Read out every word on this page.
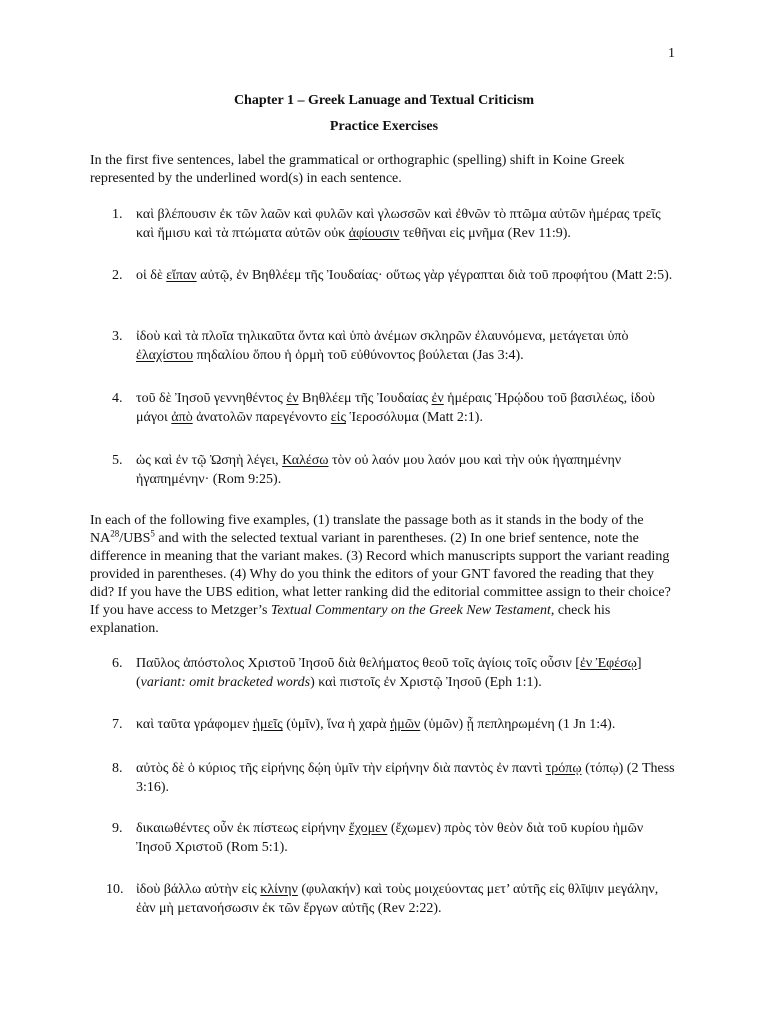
1
Chapter 1 – Greek Lanuage and Textual Criticism
Practice Exercises
In the first five sentences, label the grammatical or orthographic (spelling) shift in Koine Greek represented by the underlined word(s) in each sentence.
1. καὶ βλέπουσιν ἐκ τῶν λαῶν καὶ φυλῶν καὶ γλωσσῶν καὶ ἐθνῶν τὸ πτῶμα αὐτῶν ἡμέρας τρεῖς καὶ ἥμισυ καὶ τὰ πτώματα αὐτῶν οὐκ ἀφίουσιν τεθῆναι εἰς μνῆμα (Rev 11:9).
2. οἱ δὲ εἴπαν αὐτῷ, ἐν Βηθλέεμ τῆς Ἰουδαίας· οὕτως γὰρ γέγραπται διὰ τοῦ προφήτου (Matt 2:5).
3. ἰδοὺ καὶ τὰ πλοῖα τηλικαῦτα ὄντα καὶ ὑπὸ ἀνέμων σκληρῶν ἐλαυνόμενα, μετάγεται ὑπὸ ἐλαχίστου πηδαλίου ὅπου ἡ ὁρμὴ τοῦ εὐθύνοντος βούλεται (Jas 3:4).
4. τοῦ δὲ Ἰησοῦ γεννηθέντος ἐν Βηθλέεμ τῆς Ἰουδαίας ἐν ἡμέραις Ἡρῴδου τοῦ βασιλέως, ἰδοὺ μάγοι ἀπὸ ἀνατολῶν παρεγένοντο εἰς Ἱεροσόλυμα (Matt 2:1).
5. ὡς καὶ ἐν τῷ Ὠσηὴ λέγει, Καλέσω τὸν οὐ λαόν μου λαόν μου καὶ τὴν οὐκ ἠγαπημένην ἠγαπημένην· (Rom 9:25).
In each of the following five examples, (1) translate the passage both as it stands in the body of the NA$^{28}$/UBS$^5$ and with the selected textual variant in parentheses. (2) In one brief sentence, note the difference in meaning that the variant makes. (3) Record which manuscripts support the variant reading provided in parentheses. (4) Why do you think the editors of your GNT favored the reading that they did? If you have the UBS edition, what letter ranking did the editorial committee assign to their choice? If you have access to Metzger’s Textual Commentary on the Greek New Testament, check his explanation.
6. Παῦλος ἀπόστολος Χριστοῦ Ἰησοῦ διὰ θελήματος θεοῦ τοῖς ἁγίοις τοῖς οὖσιν [ἐν Ἐφέσῳ] (variant: omit bracketed words) καὶ πιστοῖς ἐν Χριστῷ Ἰησοῦ (Eph 1:1).
7. καὶ ταῦτα γράφομεν ἡμεῖς (ὑμῖν), ἵνα ἡ χαρὰ ἡμῶν (ὑμῶν) ᾖ πεπληρωμένη (1 Jn 1:4).
8. αὐτὸς δὲ ὁ κύριος τῆς εἰρήνης δῴη ὑμῖν τὴν εἰρήνην διὰ παντὸς ἐν παντὶ τρόπῳ (τόπῳ) (2 Thess 3:16).
9. δικαιωθέντες οὖν ἐκ πίστεως εἰρήνην ἔχομεν (ἔχωμεν) πρὸς τὸν θεὸν διὰ τοῦ κυρίου ἡμῶν Ἰησοῦ Χριστοῦ (Rom 5:1).
10. ἰδοὺ βάλλω αὐτὴν εἰς κλίνην (φυλακήν) καὶ τοὺς μοιχεύοντας μετ’ αὐτῆς εἰς θλῖψιν μεγάλην, ἐὰν μὴ μετανοήσωσιν ἐκ τῶν ἔργων αὐτῆς (Rev 2:22).
